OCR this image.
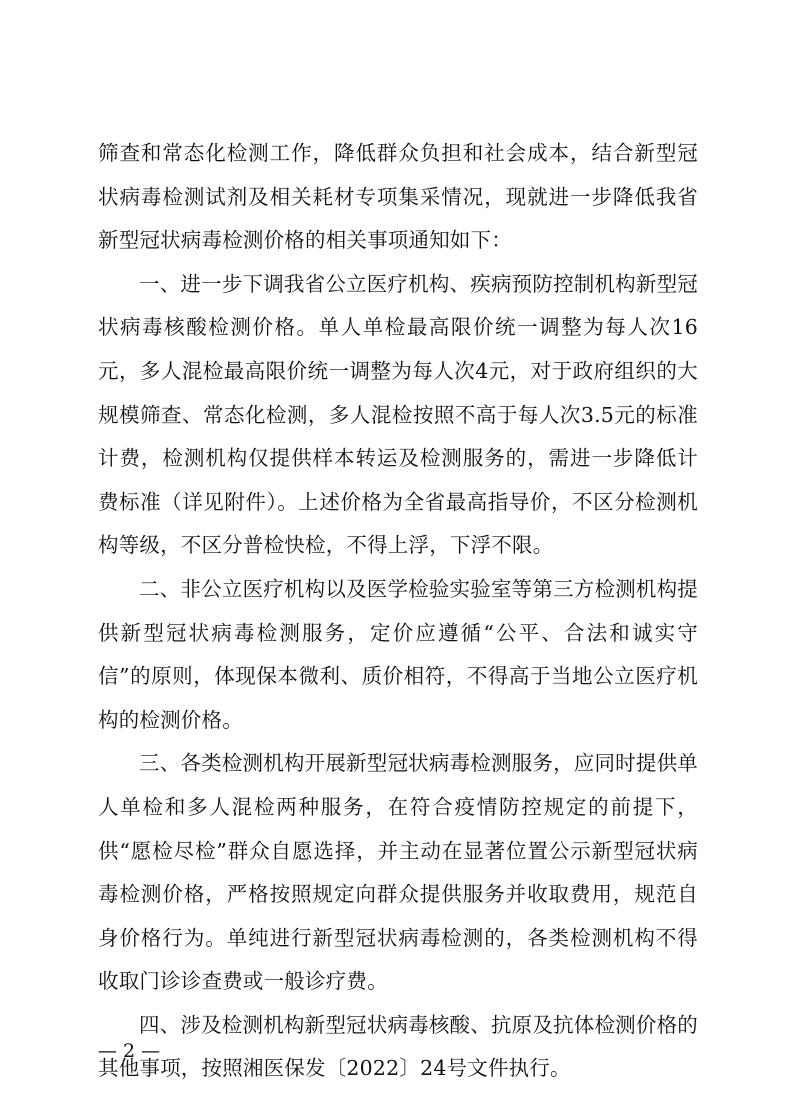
筛查和常态化检测工作，降低群众负担和社会成本，结合新型冠状病毒检测试剂及相关耗材专项集采情况，现就进一步降低我省新型冠状病毒检测价格的相关事项通知如下：

一、进一步下调我省公立医疗机构、疾病预防控制机构新型冠状病毒核酸检测价格。单人单检最高限价统一调整为每人次16元，多人混检最高限价统一调整为每人次4元，对于政府组织的大规模筛查、常态化检测，多人混检按照不高于每人次3.5元的标准计费，检测机构仅提供样本转运及检测服务的，需进一步降低计费标准（详见附件）。上述价格为全省最高指导价，不区分检测机构等级，不区分普检快检，不得上浮，下浮不限。

二、非公立医疗机构以及医学检验实验室等第三方检测机构提供新型冠状病毒检测服务，定价应遵循“公平、合法和诚实守信”的原则，体现保本微利、质价相符，不得高于当地公立医疗机构的检测价格。

三、各类检测机构开展新型冠状病毒检测服务，应同时提供单人单检和多人混检两种服务，在符合疫情防控规定的前提下，供“愿检尽检”群众自愿选择，并主动在显著位置公示新型冠状病毒检测价格，严格按照规定向群众提供服务并收取费用，规范自身价格行为。单纯进行新型冠状病毒检测的，各类检测机构不得收取门诊诊查费或一般诊疗费。

四、涉及检测机构新型冠状病毒核酸、抗原及抗体检测价格的其他事项，按照湘医保发〔2022〕24号文件执行。

— 2 —
